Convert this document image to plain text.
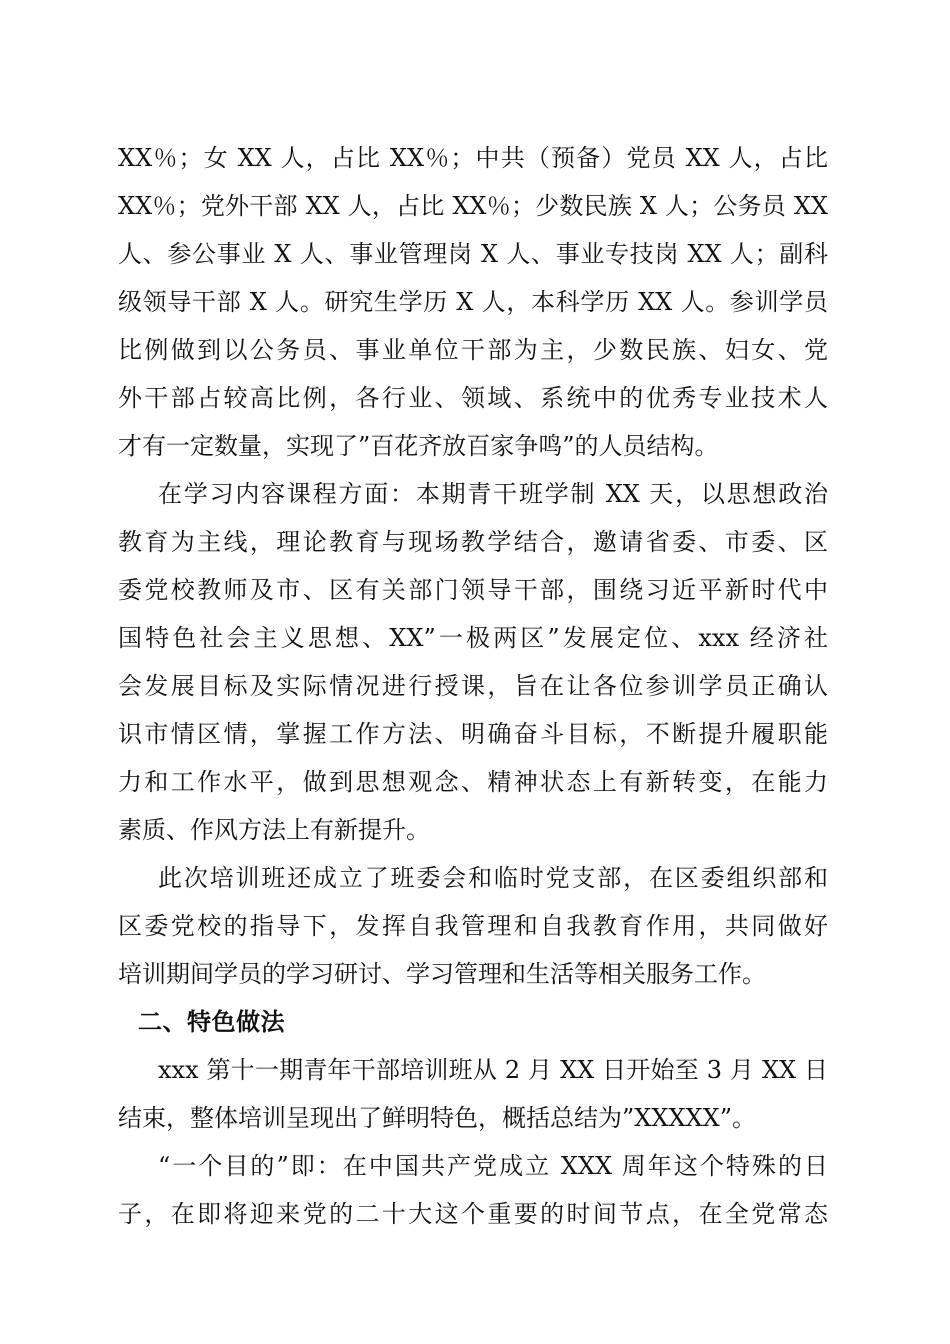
XX％；女 XX 人，占比 XX％；中共（预备）党员 XX 人，占比
XX％；党外干部 XX 人，占比 XX％；少数民族 X 人；公务员 XX
人、参公事业 X 人、事业管理岗 X 人、事业专技岗 XX 人；副科
级领导干部 X 人。研究生学历 X 人，本科学历 XX 人。参训学员
比例做到以公务员、事业单位干部为主，少数民族、妇女、党
外干部占较高比例，各行业、领域、系统中的优秀专业技术人
才有一定数量，实现了”百花齐放百家争鸣”的人员结构。
在学习内容课程方面：本期青干班学制 XX 天，以思想政治
教育为主线，理论教育与现场教学结合，邀请省委、市委、区
委党校教师及市、区有关部门领导干部，围绕习近平新时代中
国特色社会主义思想、XX”一极两区”发展定位、xxx 经济社
会发展目标及实际情况进行授课，旨在让各位参训学员正确认
识市情区情，掌握工作方法、明确奋斗目标，不断提升履职能
力和工作水平，做到思想观念、精神状态上有新转变，在能力
素质、作风方法上有新提升。
此次培训班还成立了班委会和临时党支部，在区委组织部和
区委党校的指导下，发挥自我管理和自我教育作用，共同做好
培训期间学员的学习研讨、学习管理和生活等相关服务工作。
二、特色做法
xxx 第十一期青年干部培训班从 2 月 XX 日开始至 3 月 XX 日
结束，整体培训呈现出了鲜明特色，概括总结为”XXXXX”。
“一个目的”即：在中国共产党成立 XXX 周年这个特殊的日
子，在即将迎来党的二十大这个重要的时间节点，在全党常态
